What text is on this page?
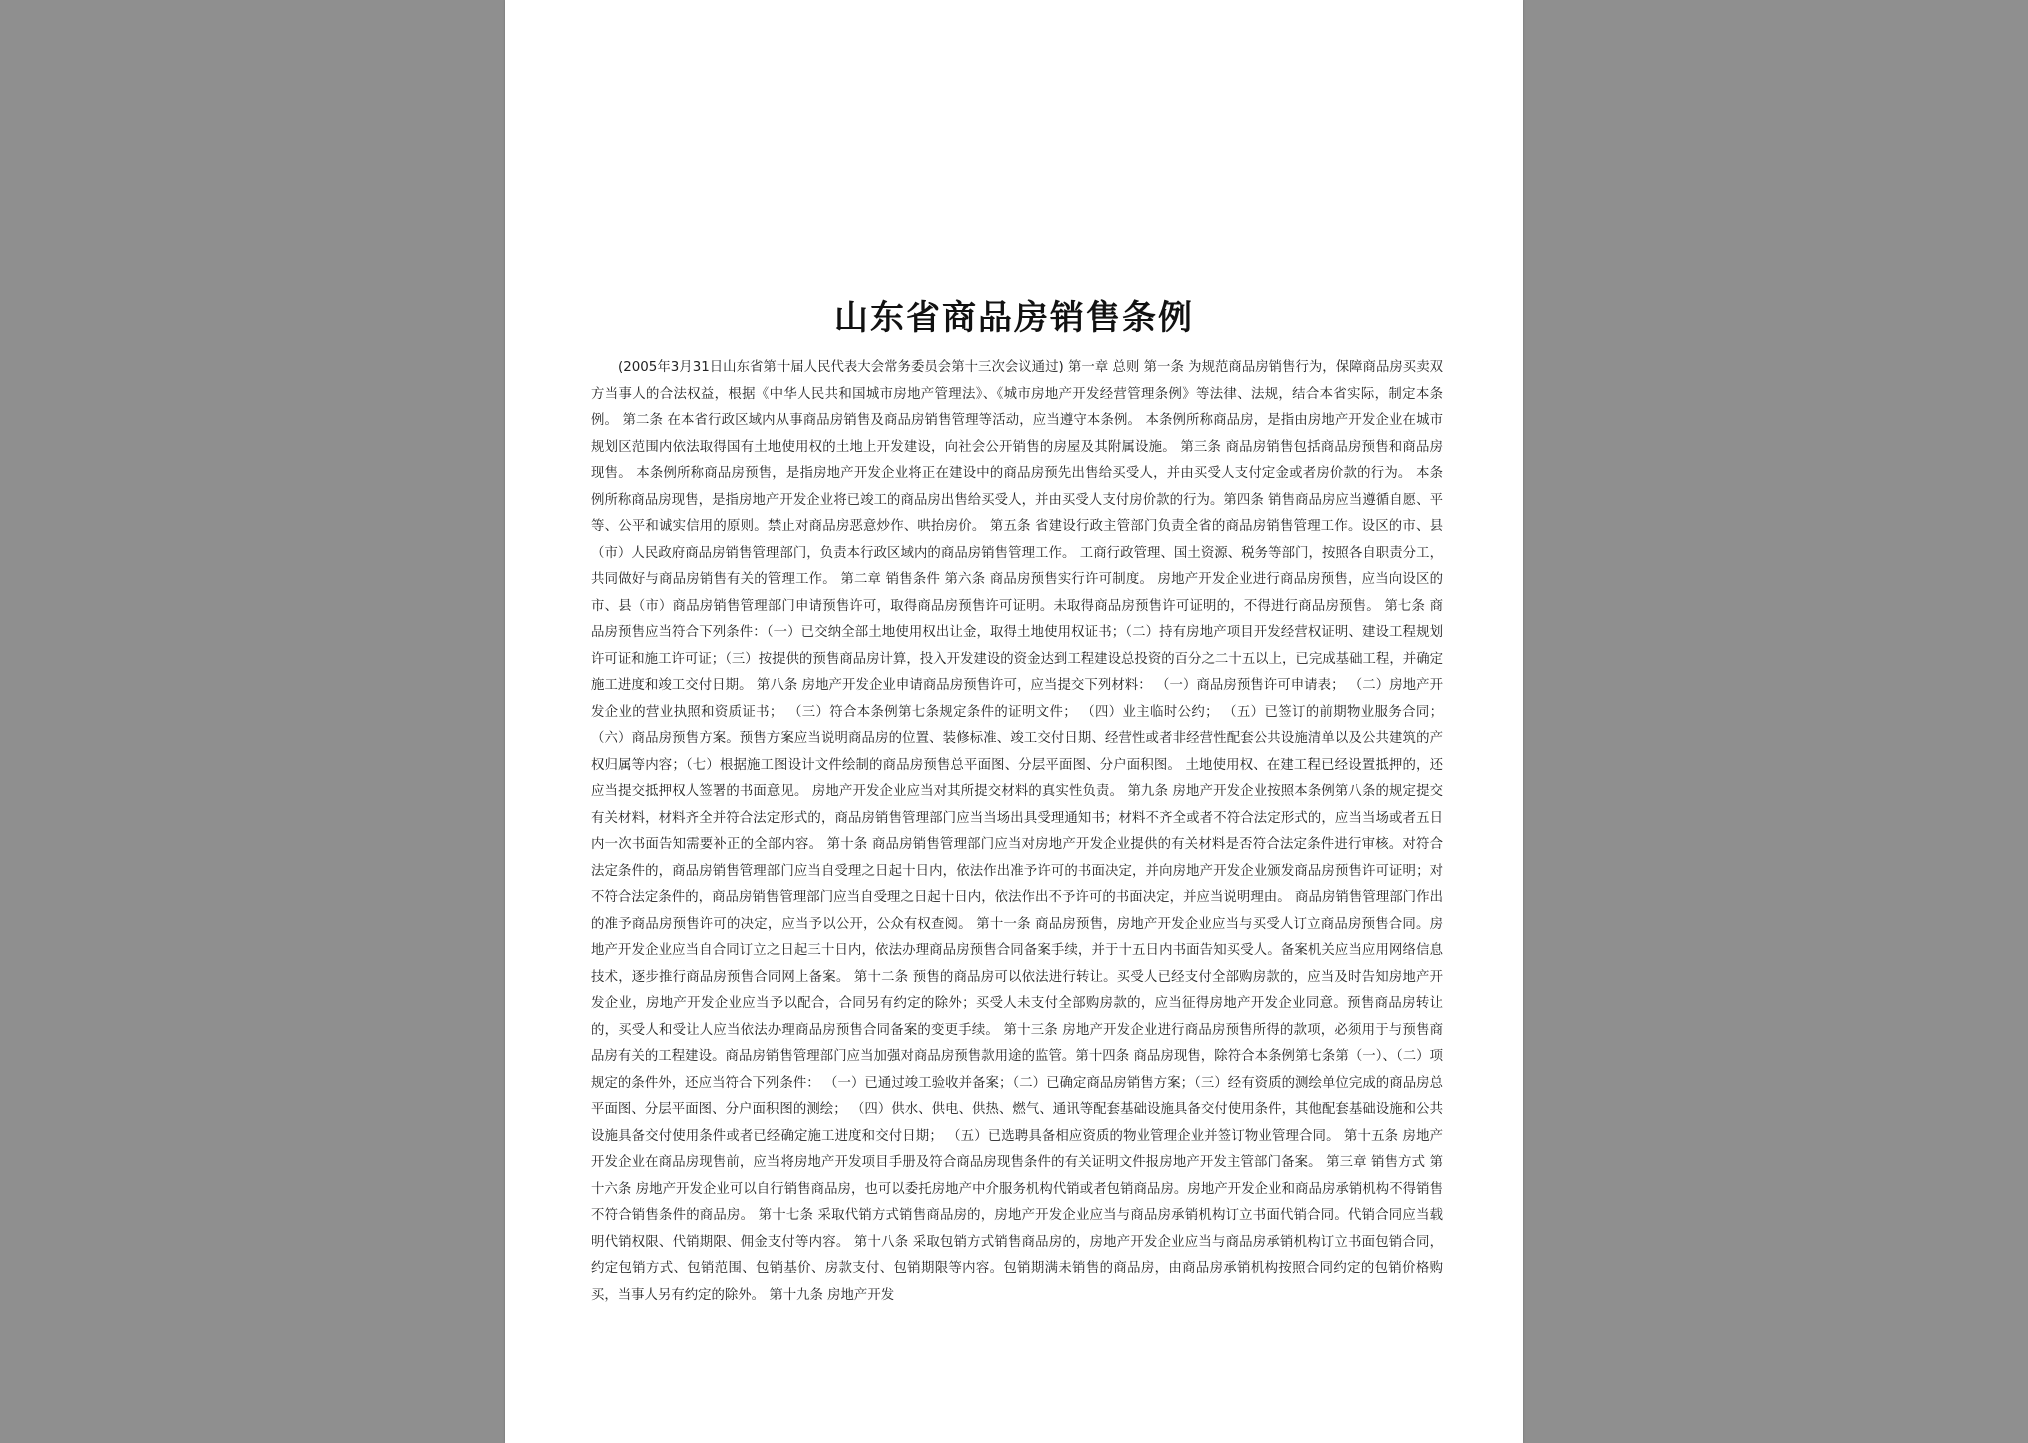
山东省商品房销售条例

(2005年3月31日山东省第十届人民代表大会常务委员会第十三次会议通过) 第一章 总则 第一条 为规范商品房销售行为，保障商品房买卖双方当事人的合法权益，根据《中华人民共和国城市房地产管理法》、《城市房地产开发经营管理条例》等法律、法规，结合本省实际，制定本条例。 第二条 在本省行政区域内从事商品房销售及商品房销售管理等活动，应当遵守本条例。 本条例所称商品房，是指由房地产开发企业在城市规划区范围内依法取得国有土地使用权的土地上开发建设，向社会公开销售的房屋及其附属设施。 第三条 商品房销售包括商品房预售和商品房现售。 本条例所称商品房预售，是指房地产开发企业将正在建设中的商品房预先出售给买受人，并由买受人支付定金或者房价款的行为。 本条例所称商品房现售，是指房地产开发企业将已竣工的商品房出售给买受人，并由买受人支付房价款的行为。第四条 销售商品房应当遵循自愿、平等、公平和诚实信用的原则。禁止对商品房恶意炒作、哄抬房价。 第五条 省建设行政主管部门负责全省的商品房销售管理工作。设区的市、县（市）人民政府商品房销售管理部门，负责本行政区域内的商品房销售管理工作。 工商行政管理、国土资源、税务等部门，按照各自职责分工，共同做好与商品房销售有关的管理工作。 第二章 销售条件 第六条 商品房预售实行许可制度。 房地产开发企业进行商品房预售，应当向设区的市、县（市）商品房销售管理部门申请预售许可，取得商品房预售许可证明。未取得商品房预售许可证明的，不得进行商品房预售。 第七条 商品房预售应当符合下列条件：（一）已交纳全部土地使用权出让金，取得土地使用权证书；（二）持有房地产项目开发经营权证明、建设工程规划许可证和施工许可证；（三）按提供的预售商品房计算，投入开发建设的资金达到工程建设总投资的百分之二十五以上，已完成基础工程，并确定施工进度和竣工交付日期。 第八条 房地产开发企业申请商品房预售许可，应当提交下列材料： （一）商品房预售许可申请表； （二）房地产开发企业的营业执照和资质证书； （三）符合本条例第七条规定条件的证明文件； （四）业主临时公约； （五）已签订的前期物业服务合同；（六）商品房预售方案。预售方案应当说明商品房的位置、装修标准、竣工交付日期、经营性或者非经营性配套公共设施清单以及公共建筑的产权归属等内容；（七）根据施工图设计文件绘制的商品房预售总平面图、分层平面图、分户面积图。 土地使用权、在建工程已经设置抵押的，还应当提交抵押权人签署的书面意见。 房地产开发企业应当对其所提交材料的真实性负责。 第九条 房地产开发企业按照本条例第八条的规定提交有关材料，材料齐全并符合法定形式的，商品房销售管理部门应当当场出具受理通知书；材料不齐全或者不符合法定形式的，应当当场或者五日内一次书面告知需要补正的全部内容。 第十条 商品房销售管理部门应当对房地产开发企业提供的有关材料是否符合法定条件进行审核。对符合法定条件的，商品房销售管理部门应当自受理之日起十日内，依法作出准予许可的书面决定，并向房地产开发企业颁发商品房预售许可证明；对不符合法定条件的，商品房销售管理部门应当自受理之日起十日内，依法作出不予许可的书面决定，并应当说明理由。 商品房销售管理部门作出的准予商品房预售许可的决定，应当予以公开，公众有权查阅。 第十一条 商品房预售，房地产开发企业应当与买受人订立商品房预售合同。房地产开发企业应当自合同订立之日起三十日内，依法办理商品房预售合同备案手续，并于十五日内书面告知买受人。备案机关应当应用网络信息技术，逐步推行商品房预售合同网上备案。 第十二条 预售的商品房可以依法进行转让。买受人已经支付全部购房款的，应当及时告知房地产开发企业，房地产开发企业应当予以配合，合同另有约定的除外；买受人未支付全部购房款的，应当征得房地产开发企业同意。预售商品房转让的，买受人和受让人应当依法办理商品房预售合同备案的变更手续。 第十三条 房地产开发企业进行商品房预售所得的款项，必须用于与预售商品房有关的工程建设。商品房销售管理部门应当加强对商品房预售款用途的监管。第十四条 商品房现售，除符合本条例第七条第（一）、（二）项规定的条件外，还应当符合下列条件： （一）已通过竣工验收并备案；（二）已确定商品房销售方案；（三）经有资质的测绘单位完成的商品房总平面图、分层平面图、分户面积图的测绘； （四）供水、供电、供热、燃气、通讯等配套基础设施具备交付使用条件，其他配套基础设施和公共设施具备交付使用条件或者已经确定施工进度和交付日期； （五）已选聘具备相应资质的物业管理企业并签订物业管理合同。 第十五条 房地产开发企业在商品房现售前，应当将房地产开发项目手册及符合商品房现售条件的有关证明文件报房地产开发主管部门备案。 第三章 销售方式 第十六条 房地产开发企业可以自行销售商品房，也可以委托房地产中介服务机构代销或者包销商品房。房地产开发企业和商品房承销机构不得销售不符合销售条件的商品房。 第十七条 采取代销方式销售商品房的，房地产开发企业应当与商品房承销机构订立书面代销合同。代销合同应当载明代销权限、代销期限、佣金支付等内容。 第十八条 采取包销方式销售商品房的，房地产开发企业应当与商品房承销机构订立书面包销合同，约定包销方式、包销范围、包销基价、房款支付、包销期限等内容。包销期满未销售的商品房，由商品房承销机构按照合同约定的包销价格购买，当事人另有约定的除外。 第十九条 房地产开发
